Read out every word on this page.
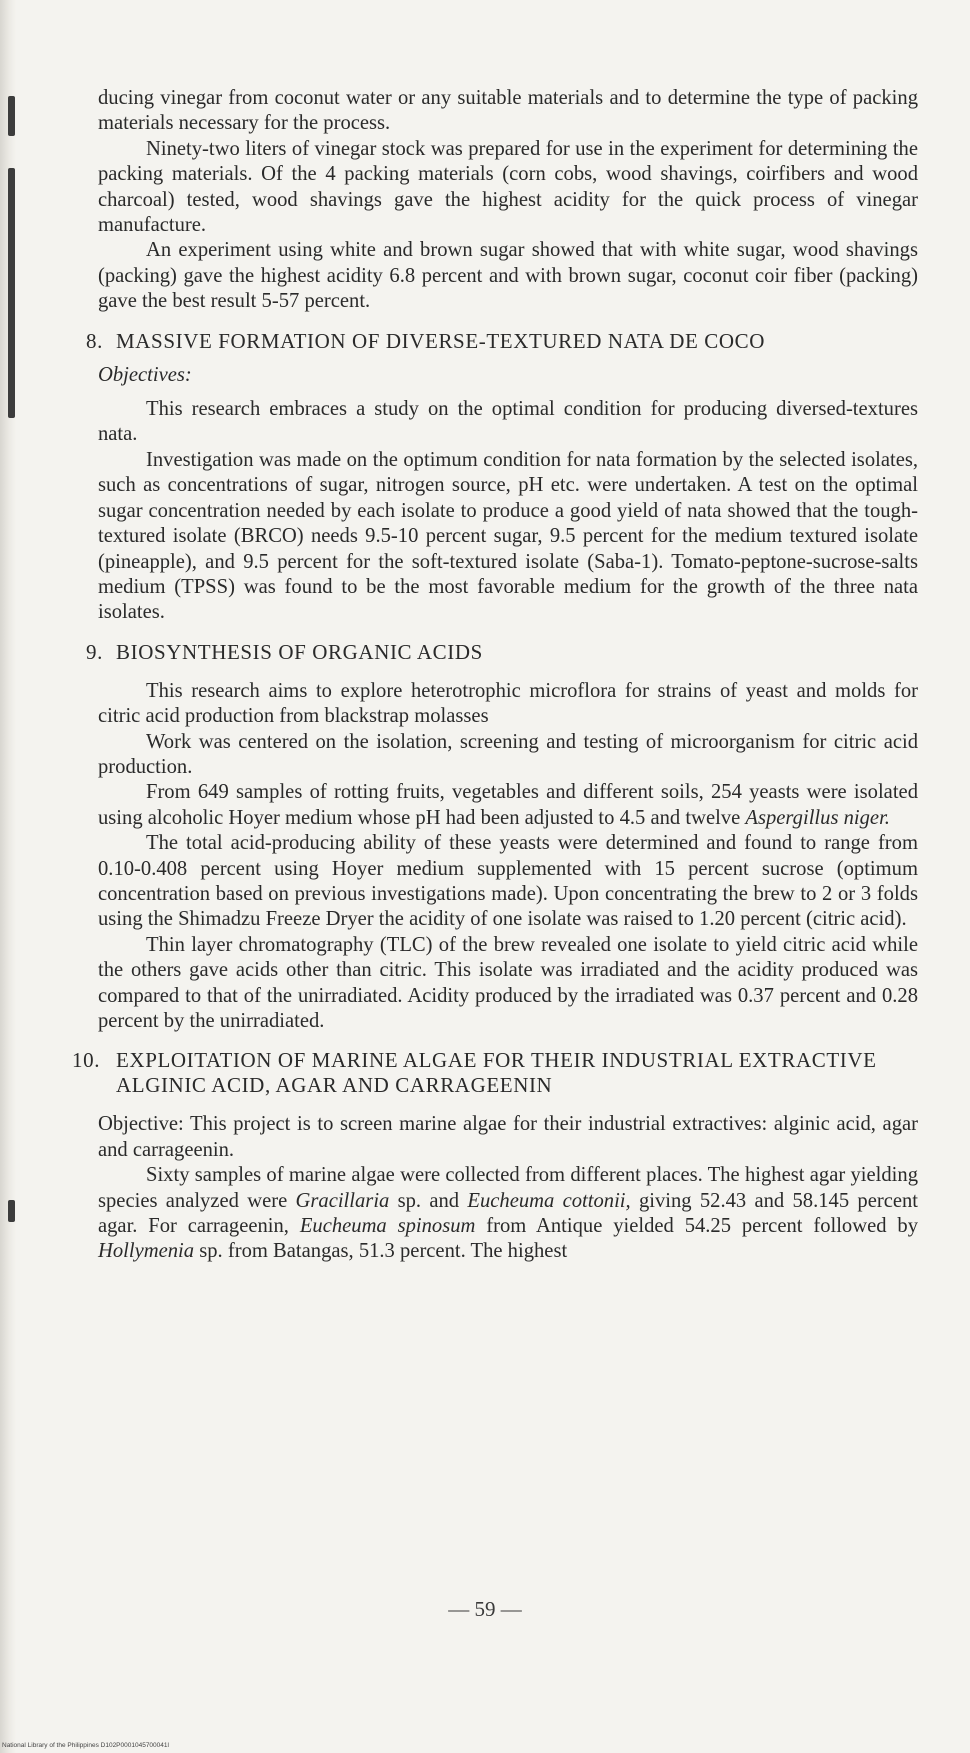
ducing vinegar from coconut water or any suitable materials and to determine the type of packing materials necessary for the process.

Ninety-two liters of vinegar stock was prepared for use in the experiment for determining the packing materials. Of the 4 packing materials (corn cobs, wood shavings, coirfibers and wood charcoal) tested, wood shavings gave the highest acidity for the quick process of vinegar manufacture.

An experiment using white and brown sugar showed that with white sugar, wood shavings (packing) gave the highest acidity 6.8 percent and with brown sugar, coconut coir fiber (packing) gave the best result 5-57 percent.

8. MASSIVE FORMATION OF DIVERSE-TEXTURED NATA DE COCO

Objectives:

This research embraces a study on the optimal condition for producing diversed-textures nata.

Investigation was made on the optimum condition for nata formation by the selected isolates, such as concentrations of sugar, nitrogen source, pH etc. were undertaken. A test on the optimal sugar concentration needed by each isolate to produce a good yield of nata showed that the tough-textured isolate (BRCO) needs 9.5-10 percent sugar, 9.5 percent for the medium textured isolate (pineapple), and 9.5 percent for the soft-textured isolate (Saba-1). Tomato-peptone-sucrose-salts medium (TPSS) was found to be the most favorable medium for the growth of the three nata isolates.

9. BIOSYNTHESIS OF ORGANIC ACIDS

This research aims to explore heterotrophic microflora for strains of yeast and molds for citric acid production from blackstrap molasses

Work was centered on the isolation, screening and testing of microorganism for citric acid production.

From 649 samples of rotting fruits, vegetables and different soils, 254 yeasts were isolated using alcoholic Hoyer medium whose pH had been adjusted to 4.5 and twelve Aspergillus niger.

The total acid-producing ability of these yeasts were determined and found to range from 0.10-0.408 percent using Hoyer medium supplemented with 15 percent sucrose (optimum concentration based on previous investigations made). Upon concentrating the brew to 2 or 3 folds using the Shimadzu Freeze Dryer the acidity of one isolate was raised to 1.20 percent (citric acid).

Thin layer chromatography (TLC) of the brew revealed one isolate to yield citric acid while the others gave acids other than citric. This isolate was irradiated and the acidity produced was compared to that of the unirradiated. Acidity produced by the irradiated was 0.37 percent and 0.28 percent by the unirradiated.

10. EXPLOITATION OF MARINE ALGAE FOR THEIR INDUSTRIAL EXTRACTIVE ALGINIC ACID, AGAR AND CARRAGEENIN

Objective: This project is to screen marine algae for their industrial extractives: alginic acid, agar and carrageenin.

Sixty samples of marine algae were collected from different places. The highest agar yielding species analyzed were Gracillaria sp. and Eucheuma cottonii, giving 52.43 and 58.145 percent agar. For carrageenin, Eucheuma spinosum from Antique yielded 54.25 percent followed by Hollymenia sp. from Batangas, 51.3 percent. The highest

— 59 —
National Library of the Philippines D102P0001045700041l
